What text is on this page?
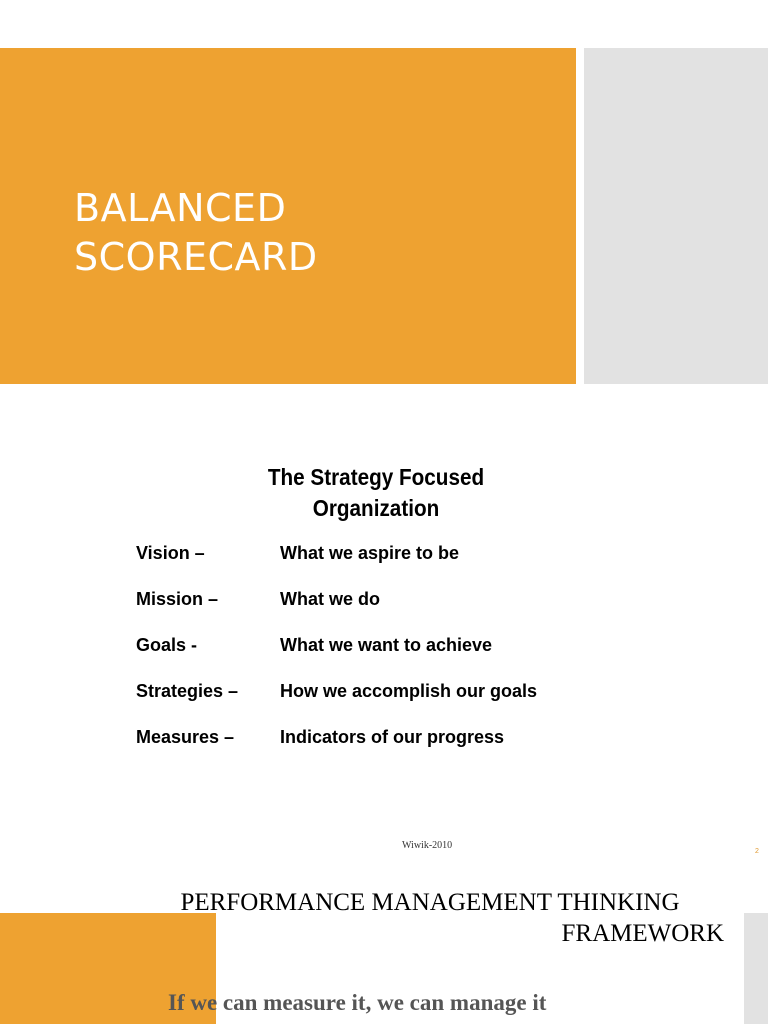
BALANCED
SCORECARD
The Strategy Focused
Organization
Vision –	What we aspire to be
Mission –	What we do
Goals -	What we want to achieve
Strategies – How we accomplish our goals
Measures –	Indicators of our progress
Wiwik-2010
2
PERFORMANCE MANAGEMENT THINKING
FRAMEWORK

If we can measure it, we can manage it
